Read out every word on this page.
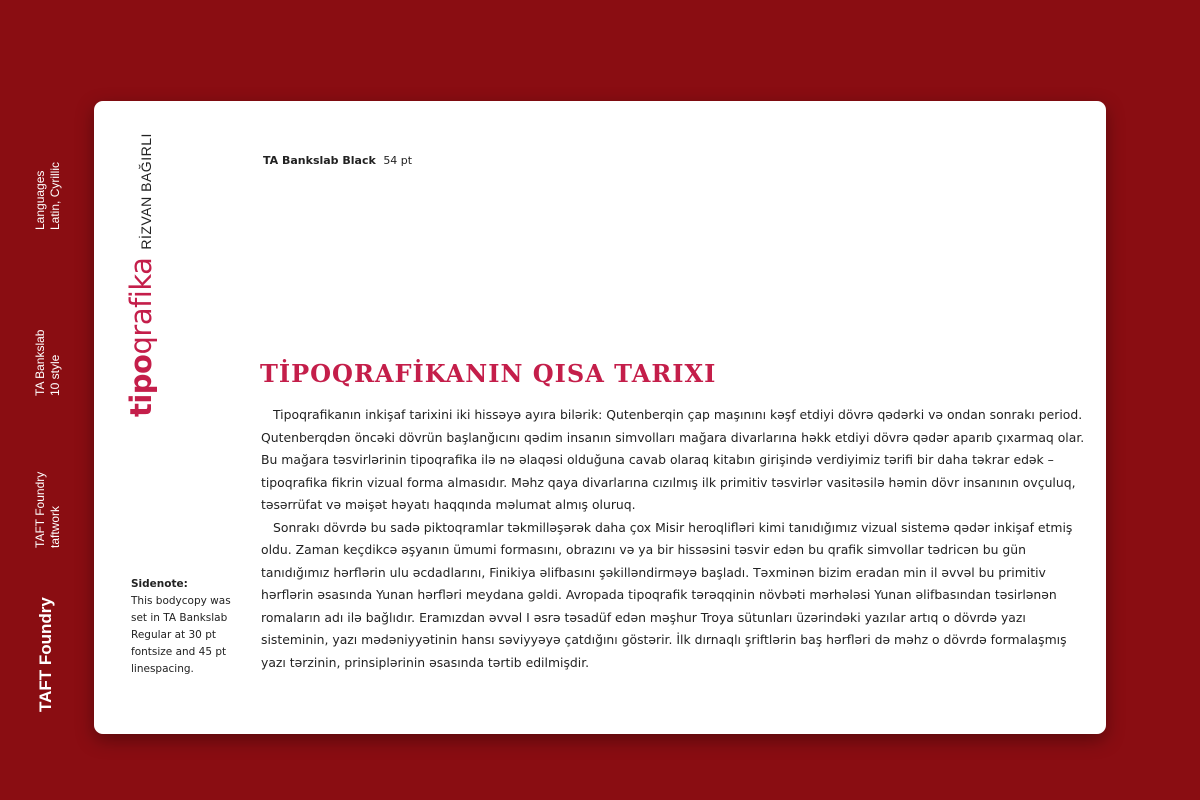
Languages Latin, Cyrillic
TA Bankslab 10 style
TAFT Foundry taftwork
TAFT Foundry
tipo
qrafika
RİZVAN BAĞIRLI	TA Bankslab Black 54 pt
TİPOQRAFİKANIN QISA TARIXI

Tipoqrafikanın inkişaf tarixini iki hissəyə ayıra bilərik: Qutenberqin çap maşınını kəşf etdiyi dövrə qədərki və ondan sonrakı period. Qutenberqdən öncəki dövrün başlanğıcını qədim insanın simvolları mağara divarlarına həkk etdiyi dövrə qədər aparıb çıxarmaq olar. Bu mağara təsvirlərinin tipoqrafika ilə nə əlaqəsi olduğuna cavab olaraq kitabın girişində verdiyimiz tərifi bir daha təkrar edək – tipoqrafika fikrin vizual forma almasıdır. Məhz qaya divarlarına cızılmış ilk primitiv təsvirlər vasitəsilə həmin dövr insanının ovçuluq, təsərrüfat və məişət həyatı haqqında məlumat almış oluruq.

Sonrakı dövrdə bu sadə piktoqramlar təkmilləşərək daha çox Misir heroqlifləri kimi tanıdığımız vizual sistemə qədər inkişaf etmiş oldu. Zaman keçdikcə əşyanın ümumi formasını, obrazını və ya bir hissəsini təsvir edən bu qrafik simvollar tədricən bu gün tanıdığımız hərflərin ulu əcdadlarını, Finikiya əlifbasını şəkilləndirməyə başladı. Təxminən bizim eradan min il əvvəl bu primitiv hərflərin əsasında Yunan hərfləri meydana gəldi. Avropada tipoqrafik tərəqqinin növbəti mərhələsi Yunan əlifbasından təsirlənən romaların adı ilə bağlıdır. Eramızdan əvvəl I əsrə təsadüf edən məşhur Troya sütunları üzərindəki yazılar artıq o dövrdə yazı sisteminin, yazı mədəniyyətinin hansı səviyyəyə çatdığını göstərir. İlk dırnaqlı şriftlərin baş hərfləri də məhz o dövrdə formalaşmış yazı tərzinin, prinsiplərinin əsasında tərtib edilmişdir.

Sidenote:
This bodycopy was set in TA Bankslab Regular at 30 pt fontsize and 45 pt linespacing.
